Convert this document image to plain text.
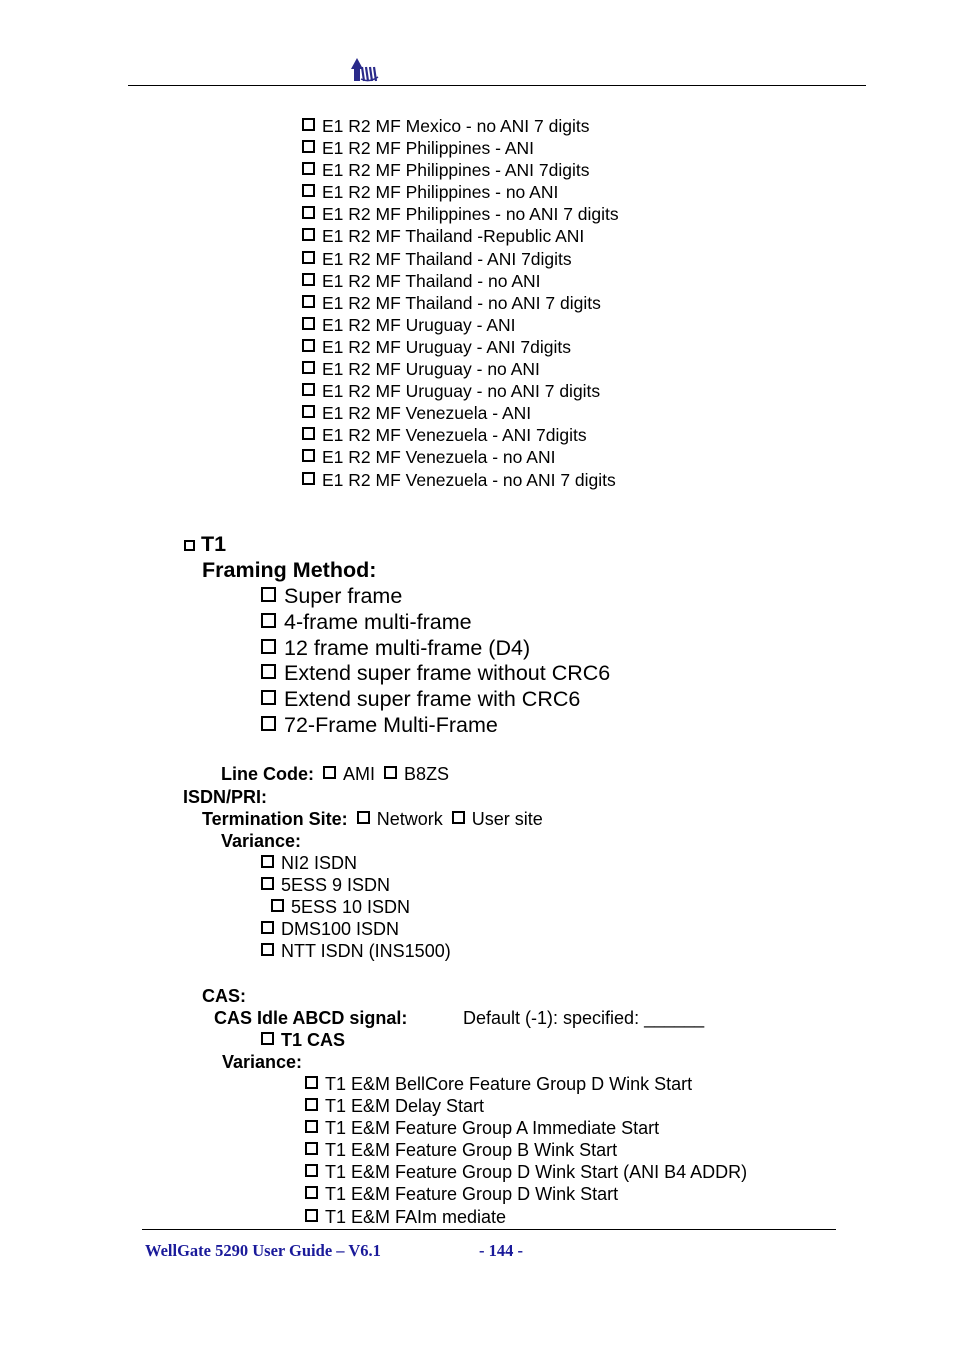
E1 R2 MF Mexico - no ANI 7 digits
E1 R2 MF Philippines - ANI
E1 R2 MF Philippines - ANI 7digits
E1 R2 MF Philippines - no ANI
E1 R2 MF Philippines - no ANI 7 digits
E1 R2 MF Thailand -Republic ANI
E1 R2 MF Thailand - ANI 7digits
E1 R2 MF Thailand - no ANI
E1 R2 MF Thailand - no ANI 7 digits
E1 R2 MF Uruguay - ANI
E1 R2 MF Uruguay - ANI 7digits
E1 R2 MF Uruguay - no ANI
E1 R2 MF Uruguay - no ANI 7 digits
E1 R2 MF Venezuela - ANI
E1 R2 MF Venezuela - ANI 7digits
E1 R2 MF Venezuela - no ANI
E1 R2 MF Venezuela - no ANI 7 digits
T1
Framing Method:
Super frame
4-frame multi-frame
12 frame multi-frame (D4)
Extend super frame without CRC6
Extend super frame with CRC6
72-Frame Multi-Frame
Line Code: AMI B8ZS
ISDN/PRI:
Termination Site: Network User site
Variance:
NI2 ISDN
5ESS 9 ISDN
5ESS 10 ISDN
DMS100 ISDN
NTT ISDN (INS1500)
CAS:
CAS Idle ABCD signal:	Default (-1): specified: ______
T1 CAS
Variance:
T1 E&M BellCore Feature Group D Wink Start
T1 E&M Delay Start
T1 E&M Feature Group A Immediate Start
T1 E&M Feature Group B Wink Start
T1 E&M Feature Group D Wink Start (ANI B4 ADDR)
T1 E&M Feature Group D Wink Start
T1 E&M FAIm mediate
WellGate 5290 User Guide – V6.1	- 144 -
